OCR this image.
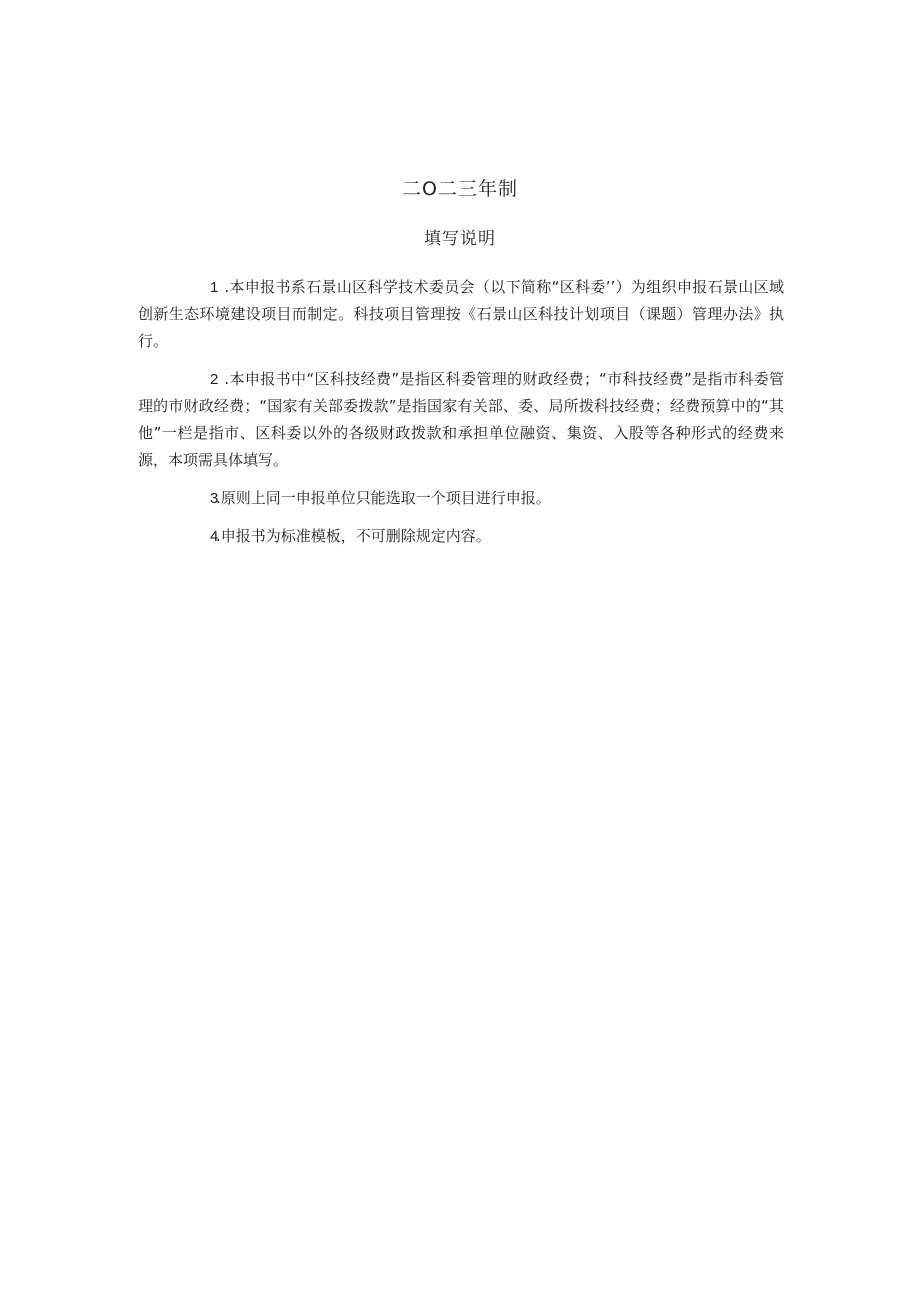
二O二三年制
填写说明

1 .本申报书系石景山区科学技术委员会（以下简称“区科委’’）为组织申报石景山区域创新生态环境建设项目而制定。科技项目管理按《石景山区科技计划项目（课题）管理办法》执行。

2 .本申报书中“区科技经费”是指区科委管理的财政经费；“市科技经费”是指市科委管理的市财政经费；“国家有关部委拨款”是指国家有关部、委、局所拨科技经费；经费预算中的“其他”一栏是指市、区科委以外的各级财政拨款和承担单位融资、集资、入股等各种形式的经费来源，本项需具体填写。

3.原则上同一申报单位只能选取一个项目进行申报。

4.申报书为标准模板，不可删除规定内容。
